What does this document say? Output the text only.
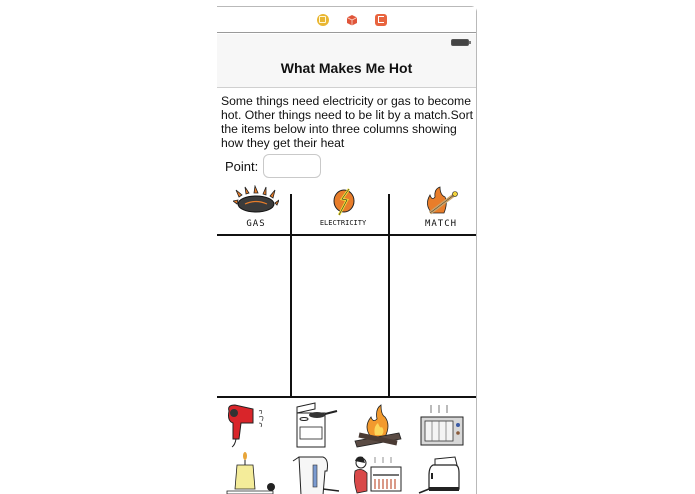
What Makes Me Hot
Some things need electricity or gas to become hot. Other things need to be lit by a match.Sort the items below into three columns showing how they get their heat
Point:
GAS	ELECTRICITY	MATCH
